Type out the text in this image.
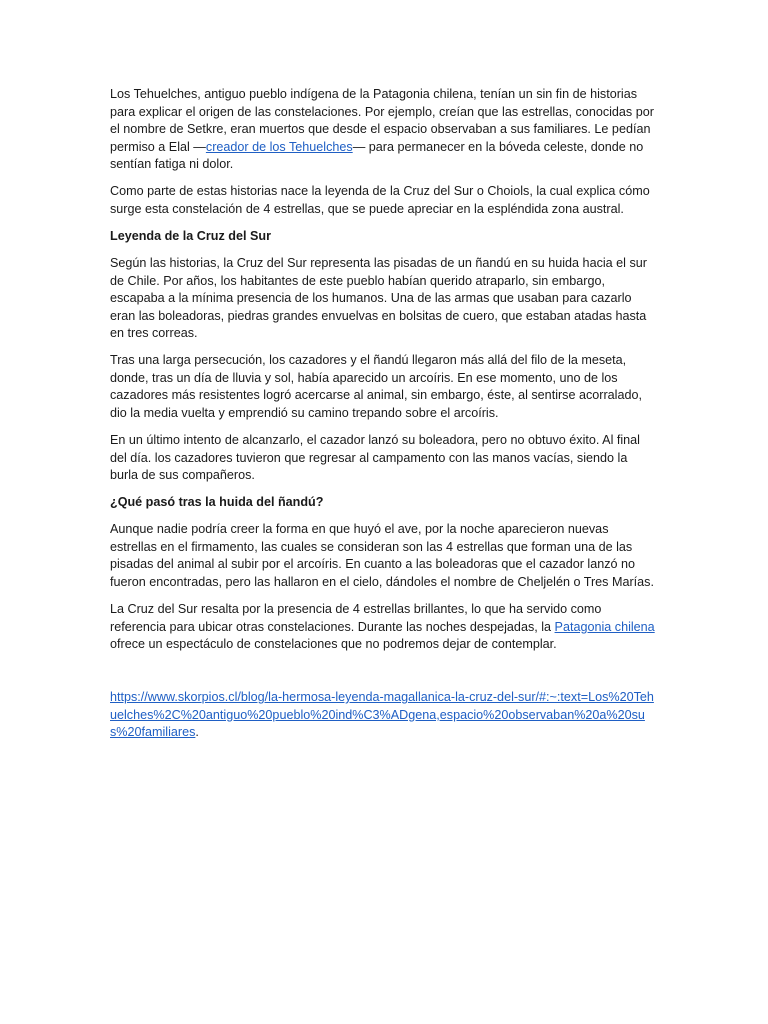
Los Tehuelches, antiguo pueblo indígena de la Patagonia chilena, tenían un sin fin de historias para explicar el origen de las constelaciones. Por ejemplo, creían que las estrellas, conocidas por el nombre de Setkre, eran muertos que desde el espacio observaban a sus familiares. Le pedían permiso a Elal —creador de los Tehuelches— para permanecer en la bóveda celeste, donde no sentían fatiga ni dolor.

Como parte de estas historias nace la leyenda de la Cruz del Sur o Choiols, la cual explica cómo surge esta constelación de 4 estrellas, que se puede apreciar en la espléndida zona austral.

Leyenda de la Cruz del Sur

Según las historias, la Cruz del Sur representa las pisadas de un ñandú en su huida hacia el sur de Chile. Por años, los habitantes de este pueblo habían querido atraparlo, sin embargo, escapaba a la mínima presencia de los humanos. Una de las armas que usaban para cazarlo eran las boleadoras, piedras grandes envuelvas en bolsitas de cuero, que estaban atadas hasta en tres correas.

Tras una larga persecución, los cazadores y el ñandú llegaron más allá del filo de la meseta, donde, tras un día de lluvia y sol, había aparecido un arcoíris. En ese momento, uno de los cazadores más resistentes logró acercarse al animal, sin embargo, éste, al sentirse acorralado, dio la media vuelta y emprendió su camino trepando sobre el arcoíris.

En un último intento de alcanzarlo, el cazador lanzó su boleadora, pero no obtuvo éxito. Al final del día. los cazadores tuvieron que regresar al campamento con las manos vacías, siendo la burla de sus compañeros.

¿Qué pasó tras la huida del ñandú?

Aunque nadie podría creer la forma en que huyó el ave, por la noche aparecieron nuevas estrellas en el firmamento, las cuales se consideran son las 4 estrellas que forman una de las pisadas del animal al subir por el arcoíris. En cuanto a las boleadoras que el cazador lanzó no fueron encontradas, pero las hallaron en el cielo, dándoles el nombre de Cheljelén o Tres Marías.

La Cruz del Sur resalta por la presencia de 4 estrellas brillantes, lo que ha servido como referencia para ubicar otras constelaciones. Durante las noches despejadas, la Patagonia chilena ofrece un espectáculo de constelaciones que no podremos dejar de contemplar.

https://www.skorpios.cl/blog/la-hermosa-leyenda-magallanica-la-cruz-del-sur/#:~:text=Los%20Tehuelches%2C%20antiguo%20pueblo%20ind%C3%ADgena,espacio%20observaban%20a%20sus%20familiares.
